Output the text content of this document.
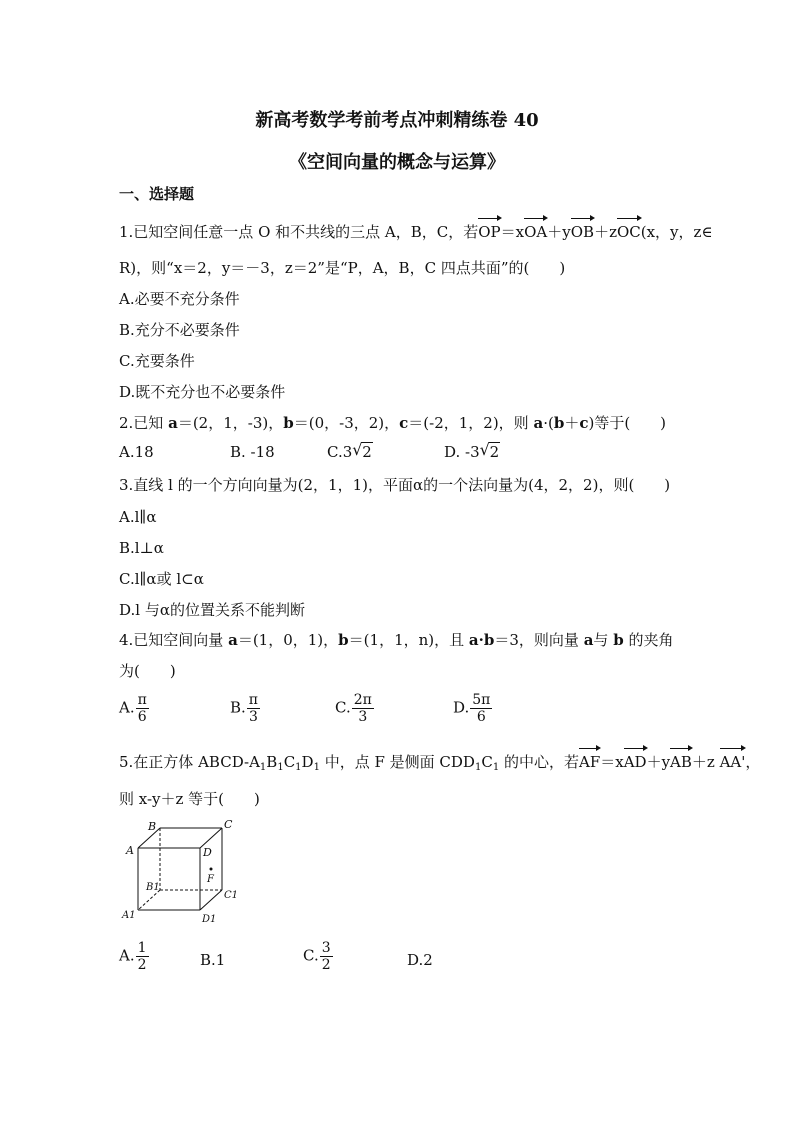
新高考数学考前考点冲刺精练卷 40
《空间向量的概念与运算》
一、选择题
1.已知空间任意一点 O 和不共线的三点 A，B，C，若OP＝xOA＋yOB＋zOC(x，y，z∈
R)，则“x＝2，y＝－3，z＝2”是“P，A，B，C 四点共面”的(　　)
A.必要不充分条件
B.充分不必要条件
C.充要条件
D.既不充分也不必要条件
2.已知 a＝(2，1，-3)，b＝(0，-3，2)，c＝(-2，1，2)，则 a·(b＋c)等于(　　)
A.18	B. -18	C.3 √ 2	D. -3 √ 2
3.直线 l 的一个方向向量为(2，1，1)，平面α的一个法向量为(4，2，2)，则(　　)
A.l∥α
B.l⊥α
C.l∥α或 l⊂α
D.l 与α的位置关系不能判断
4.已知空间向量 a＝(1，0，1)，b＝(1，1，n)，且 a·b＝3，则向量 a与 b 的夹角
为(　　)
A. $\frac{\pi}{6}$	B. $\frac{\pi}{3}$	C. $\frac{2\pi}{3}$	D. $\frac{5\pi}{6}$
5.在正方体 ABCD-$A_1B_1C_1D_1$ 中，点 F 是侧面 $CDD_1C_1$ 的中心，若AF＝xAD＋yAB＋z AA'，
则 x-y＋z 等于(　　)
B	C
A	D
B1
F
C1
A1	D1
A. $\frac{1}{2}$	B.1	C. $\frac{3}{2}$	D.2
